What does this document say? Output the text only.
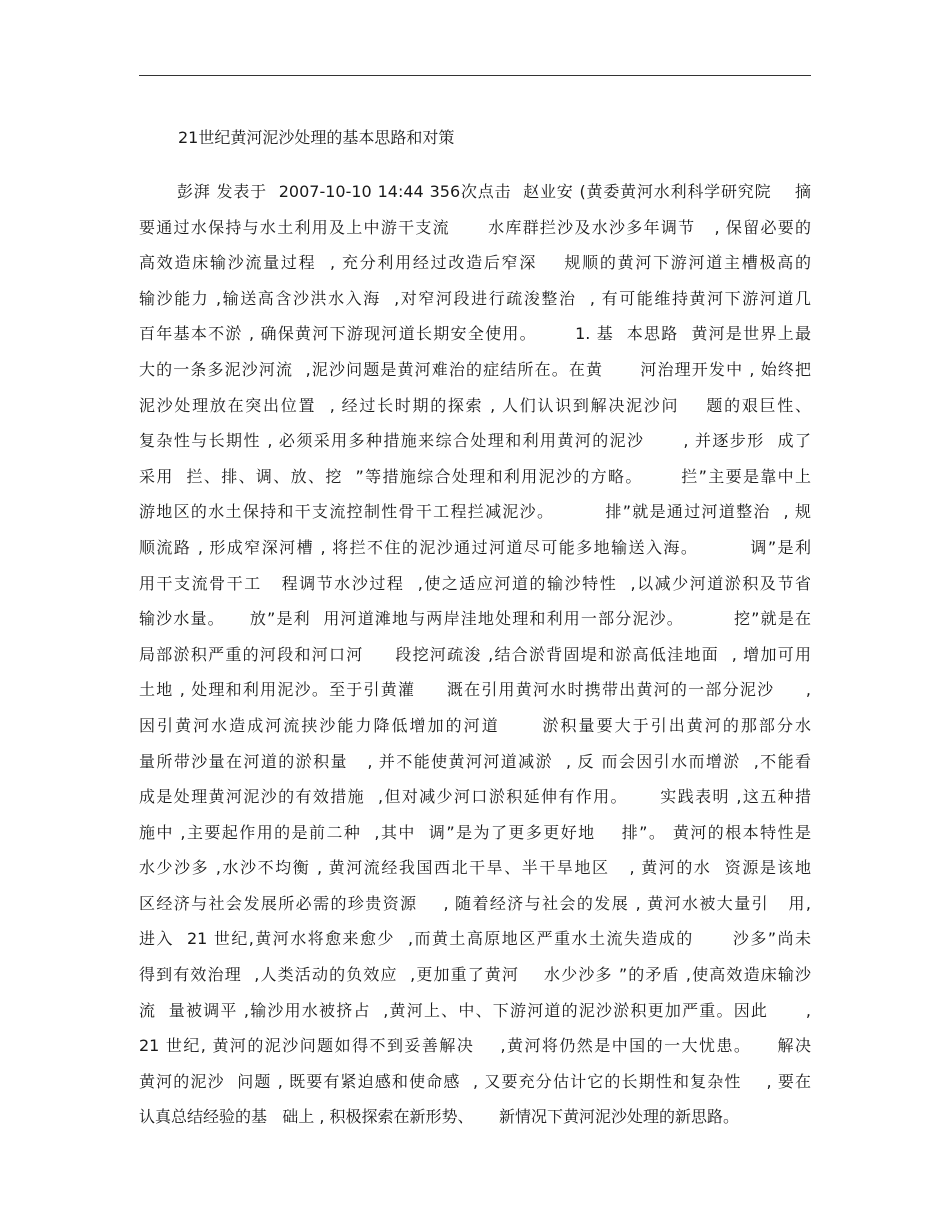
21世纪黄河泥沙处理的基本思路和对策
彭湃 发表于  2007-10-10 14:44 356次点击  赵业安 (黄委黄河水利科学研究院    摘
要通过水保持与水土利用及上中游干支流      水库群拦沙及水沙多年调节   , 保留必要的
高效造床输沙流量过程  , 充分利用经过改造后窄深    规顺的黄河下游河道主槽极高的
输沙能力 ,输送高含沙洪水入海  ,对窄河段进行疏浚整治  , 有可能维持黄河下游河道几
百年基本不淤 , 确保黄河下游现河道长期安全使用。      1. 基  本思路  黄河是世界上最
大的一条多泥沙河流  ,泥沙问题是黄河难治的症结所在。在黄      河治理开发中 , 始终把
泥沙处理放在突出位置  , 经过长时期的探索 , 人们认识到解决泥沙问    题的艰巨性、
复杂性与长期性 , 必须采用多种措施来综合处理和利用黄河的泥沙      , 并逐步形  成了
采用  拦、排、调、放、挖  ”等措施综合处理和利用泥沙的方略。      拦”主要是靠中上
游地区的水土保持和干支流控制性骨干工程拦减泥沙。        排”就是通过河道整治  , 规
顺流路 , 形成窄深河槽 , 将拦不住的泥沙通过河道尽可能多地输送入海。        调”是利
用干支流骨干工   程调节水沙过程  ,使之适应河道的输沙特性  ,以减少河道淤积及节省
输沙水量。    放”是利  用河道滩地与两岸洼地处理和利用一部分泥沙。        挖”就是在
局部淤积严重的河段和河口河     段挖河疏浚 ,结合淤背固堤和淤高低洼地面  , 增加可用
土地 , 处理和利用泥沙。至于引黄灌     溉在引用黄河水时携带出黄河的一部分泥沙     ,
因引黄河水造成河流挟沙能力降低增加的河道      淤积量要大于引出黄河的那部分水
量所带沙量在河道的淤积量   , 并不能使黄河河道减淤  , 反 而会因引水而增淤  ,不能看
成是处理黄河泥沙的有效措施  ,但对减少河口淤积延伸有作用。     实践表明 ,这五种措
施中 ,主要起作用的是前二种  ,其中  调”是为了更多更好地    排”。 黄河的根本特性是
水少沙多 ,水沙不均衡 , 黄河流经我国西北干旱、半干旱地区   , 黄河的水  资源是该地
区经济与社会发展所必需的珍贵资源    , 随着经济与社会的发展 , 黄河水被大量引   用,
进入  21 世纪,黄河水将愈来愈少  ,而黄土高原地区严重水土流失造成的      沙多”尚未
得到有效治理  ,人类活动的负效应  ,更加重了黄河    水少沙多 ”的矛盾 ,使高效造床输沙
流  量被调平 ,输沙用水被挤占  ,黄河上、中、下游河道的泥沙淤积更加严重。因此      ,
21 世纪, 黄河的泥沙问题如得不到妥善解决    ,黄河将仍然是中国的一大忧患。    解决
黄河的泥沙  问题 , 既要有紧迫感和使命感  , 又要充分估计它的长期性和复杂性    , 要在
认真总结经验的基   础上 , 积极探索在新形势、     新情况下黄河泥沙处理的新思路。
